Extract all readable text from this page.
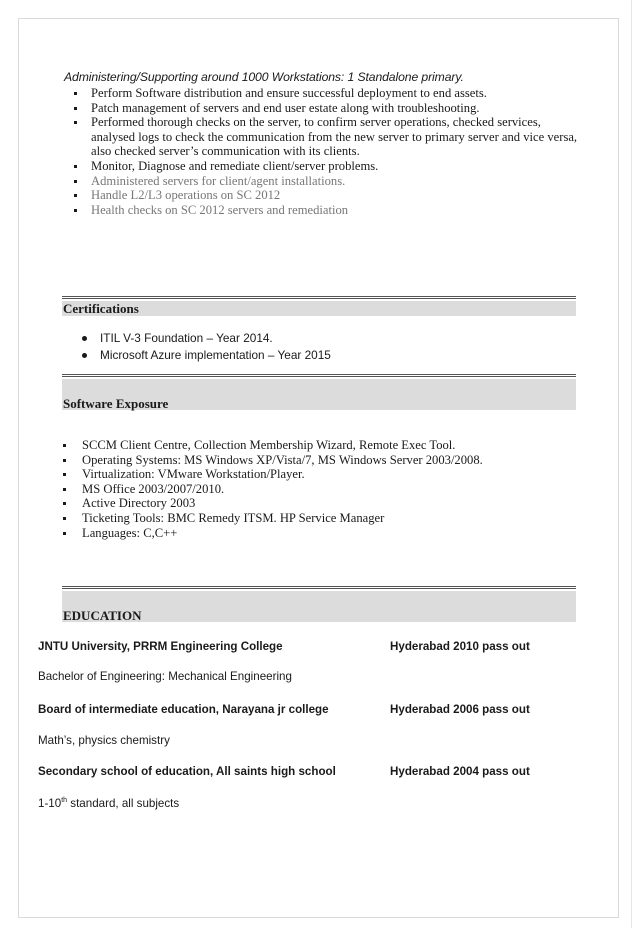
Administering/Supporting around 1000 Workstations: 1 Standalone primary.
Perform Software distribution and ensure successful deployment to end assets.
Patch management of servers and end user estate along with troubleshooting.
Performed thorough checks on the server, to confirm server operations, checked services,
analysed logs to check the communication from the new server to primary server and vice versa,
also checked server’s communication with its clients.
Monitor, Diagnose and remediate client/server problems.
Administered servers for client/agent installations.
Handle L2/L3 operations on SC 2012
Health checks on SC 2012 servers and remediation
Certifications
ITIL V-3 Foundation – Year 2014.
Microsoft Azure implementation – Year 2015
Software Exposure
SCCM Client Centre, Collection Membership Wizard, Remote Exec Tool.
Operating Systems: MS Windows XP/Vista/7, MS Windows Server 2003/2008.
Virtualization: VMware Workstation/Player.
MS Office 2003/2007/2010.
Active Directory 2003
Ticketing Tools: BMC Remedy ITSM. HP Service Manager
Languages: C,C++
EDUCATION
JNTU University, PRRM Engineering College	Hyderabad 2010 pass out
Bachelor of Engineering: Mechanical Engineering
Board of intermediate education, Narayana jr college	Hyderabad 2006 pass out
Math’s, physics chemistry
Secondary school of education, All saints high school	Hyderabad 2004 pass out
1-10th standard, all subjects
